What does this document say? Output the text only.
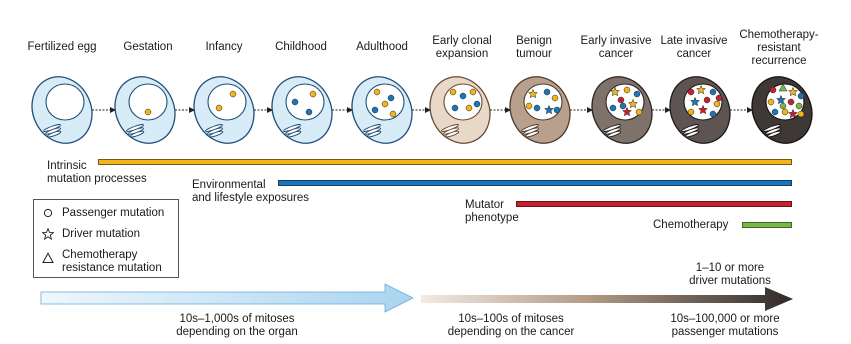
Fertilized egg	Gestation	Infancy	Childhood	Adulthood	Early clonal
expansion
Benign
tumour
Early invasive
cancer
Late invasive
cancer
Chemotherapy-
resistant
recurrence
Intrinsic
mutation processes	Environmental
and lifestyle exposures
Mutator
phenotype
Chemotherapy
Passenger mutation
Driver mutation
Chemotherapy
resistance mutation
10s–1,000s of mitoses
depending on the organ
10s–100s of mitoses
depending on the cancer
1–10 or more
driver mutations
10s–100,000 or more
passenger mutations
